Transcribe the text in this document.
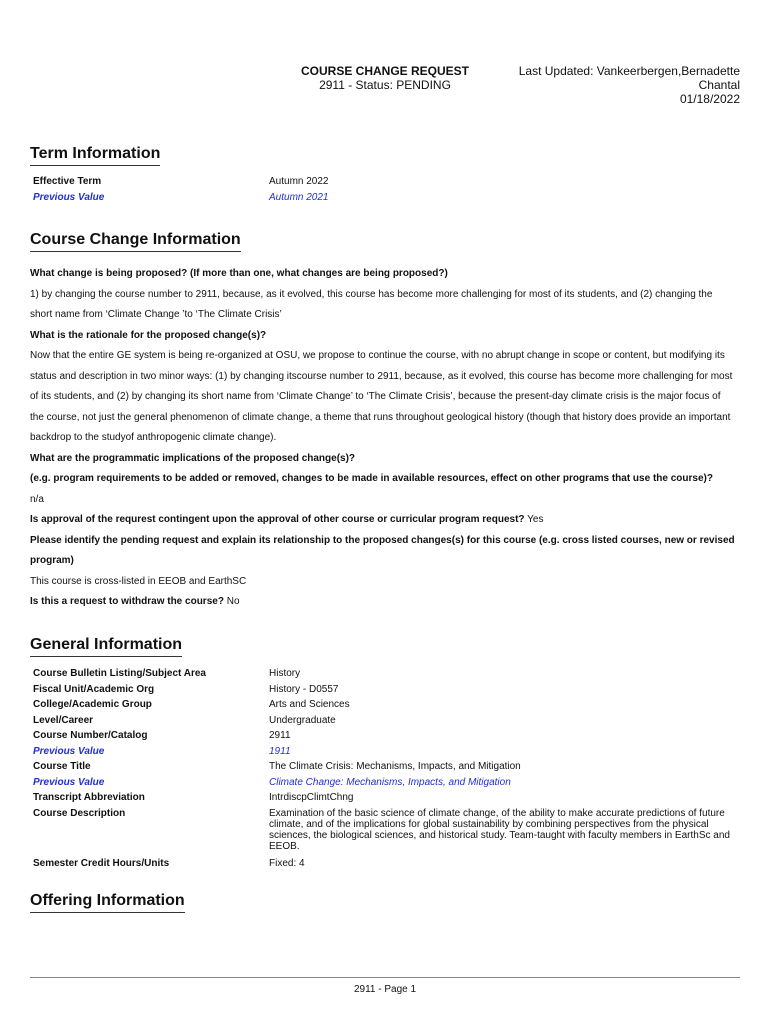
COURSE CHANGE REQUEST
2911 - Status: PENDING
Last Updated: Vankeerbergen,Bernadette
Chantal
01/18/2022
Term Information
Effective Term	Autumn 2022
Previous Value	Autumn 2021
Course Change Information

What change is being proposed? (If more than one, what changes are being proposed?)

1) by changing the course number to 2911, because, as it evolved, this course has become more challenging for most of its students, and (2) changing the

short name from ‘Climate Change ’to ‘The Climate Crisis’

What is the rationale for the proposed change(s)?

Now that the entire GE system is being re-organized at OSU, we propose to continue the course, with no abrupt change in scope or content, but modifying its

status and description in two minor ways: (1) by changing itscourse number to 2911, because, as it evolved, this course has become more challenging for most

of its students, and (2) by changing its short name from ‘Climate Change’ to ‘The Climate Crisis’, because the present-day climate crisis is the major focus of

the course, not just the general phenomenon of climate change, a theme that runs throughout geological history (though that history does provide an important

backdrop to the studyof anthropogenic climate change).

What are the programmatic implications of the proposed change(s)?

(e.g. program requirements to be added or removed, changes to be made in available resources, effect on other programs that use the course)?

n/a

Is approval of the requrest contingent upon the approval of other course or curricular program request? Yes

Please identify the pending request and explain its relationship to the proposed changes(s) for this course (e.g. cross listed courses, new or revised

program)

This course is cross-listed in EEOB and EarthSC

Is this a request to withdraw the course? No

General Information
Course Bulletin Listing/Subject Area	History
Fiscal Unit/Academic Org	History - D0557
College/Academic Group	Arts and Sciences
Level/Career	Undergraduate
Course Number/Catalog	2911
Previous Value	1911
Course Title	The Climate Crisis: Mechanisms, Impacts, and Mitigation
Previous Value	Climate Change: Mechanisms, Impacts, and Mitigation
Transcript Abbreviation	IntrdiscpClimtChng
Course Description	Examination of the basic science of climate change, of the ability to make accurate predictions of future climate, and of the implications for global sustainability by combining perspectives from the physical sciences, the biological sciences, and historical study. Team-taught with faculty members in EarthSc and EEOB.
Semester Credit Hours/Units	Fixed: 4
Offering Information
2911 - Page 1
